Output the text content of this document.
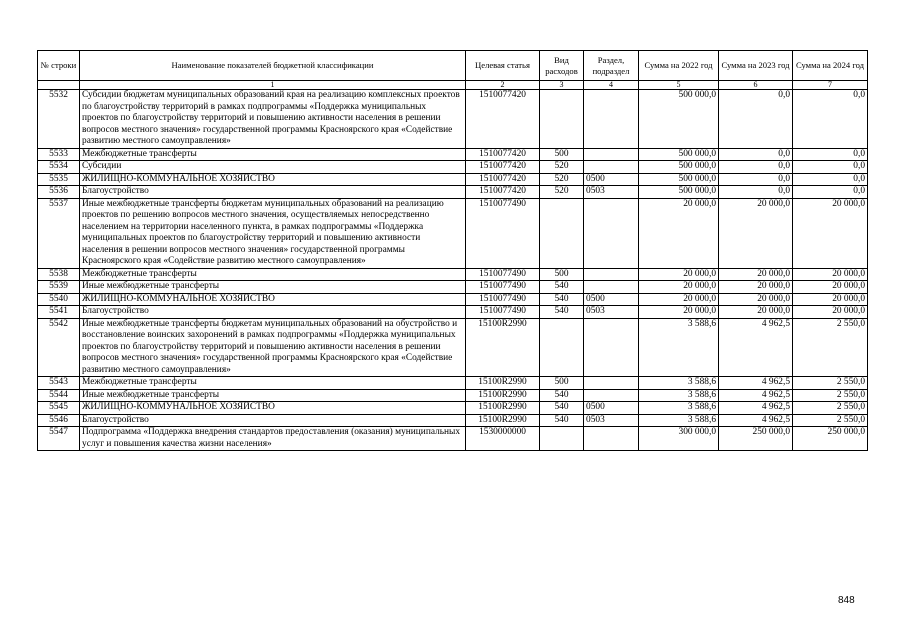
№ строки	Наименование показателей бюджетной классификации	Целевая статья	Вид расходов	Раздел, подраздел	Сумма на 2022 год	Сумма на 2023 год	Сумма на 2024 год
	1	2	3	4	5	6	7
5532	Субсидии бюджетам муниципальных образований края на реализацию комплексных проектов по благоустройству территорий в рамках подпрограммы «Поддержка муниципальных проектов по благоустройству территорий и повышению активности населения в решении вопросов местного значения» государственной программы Красноярского края «Содействие развитию местного самоуправления»	1510077420			500 000,0	0,0	0,0
5533	Межбюджетные трансферты	1510077420	500		500 000,0	0,0	0,0
5534	Субсидии	1510077420	520		500 000,0	0,0	0,0
5535	ЖИЛИЩНО-КОММУНАЛЬНОЕ ХОЗЯЙСТВО	1510077420	520	0500	500 000,0	0,0	0,0
5536	Благоустройство	1510077420	520	0503	500 000,0	0,0	0,0
5537	Иные межбюджетные трансферты бюджетам муниципальных образований на реализацию проектов по решению вопросов местного значения, осуществляемых непосредственно населением на территории населенного пункта, в рамках подпрограммы «Поддержка муниципальных проектов по благоустройству территорий и повышению активности населения в решении вопросов местного значения» государственной программы Красноярского края «Содействие развитию местного самоуправления»	1510077490			20 000,0	20 000,0	20 000,0
5538	Межбюджетные трансферты	1510077490	500		20 000,0	20 000,0	20 000,0
5539	Иные межбюджетные трансферты	1510077490	540		20 000,0	20 000,0	20 000,0
5540	ЖИЛИЩНО-КОММУНАЛЬНОЕ ХОЗЯЙСТВО	1510077490	540	0500	20 000,0	20 000,0	20 000,0
5541	Благоустройство	1510077490	540	0503	20 000,0	20 000,0	20 000,0
5542	Иные межбюджетные трансферты бюджетам муниципальных образований на обустройство и восстановление воинских захоронений в рамках подпрограммы «Поддержка муниципальных проектов по благоустройству территорий и повышению активности населения в решении вопросов местного значения» государственной программы Красноярского края «Содействие развитию местного самоуправления»	15100R2990			3 588,6	4 962,5	2 550,0
5543	Межбюджетные трансферты	15100R2990	500		3 588,6	4 962,5	2 550,0
5544	Иные межбюджетные трансферты	15100R2990	540		3 588,6	4 962,5	2 550,0
5545	ЖИЛИЩНО-КОММУНАЛЬНОЕ ХОЗЯЙСТВО	15100R2990	540	0500	3 588,6	4 962,5	2 550,0
5546	Благоустройство	15100R2990	540	0503	3 588,6	4 962,5	2 550,0
5547	Подпрограмма «Поддержка внедрения стандартов предоставления (оказания) муниципальных услуг и повышения качества жизни населения»	1530000000			300 000,0	250 000,0	250 000,0
848
